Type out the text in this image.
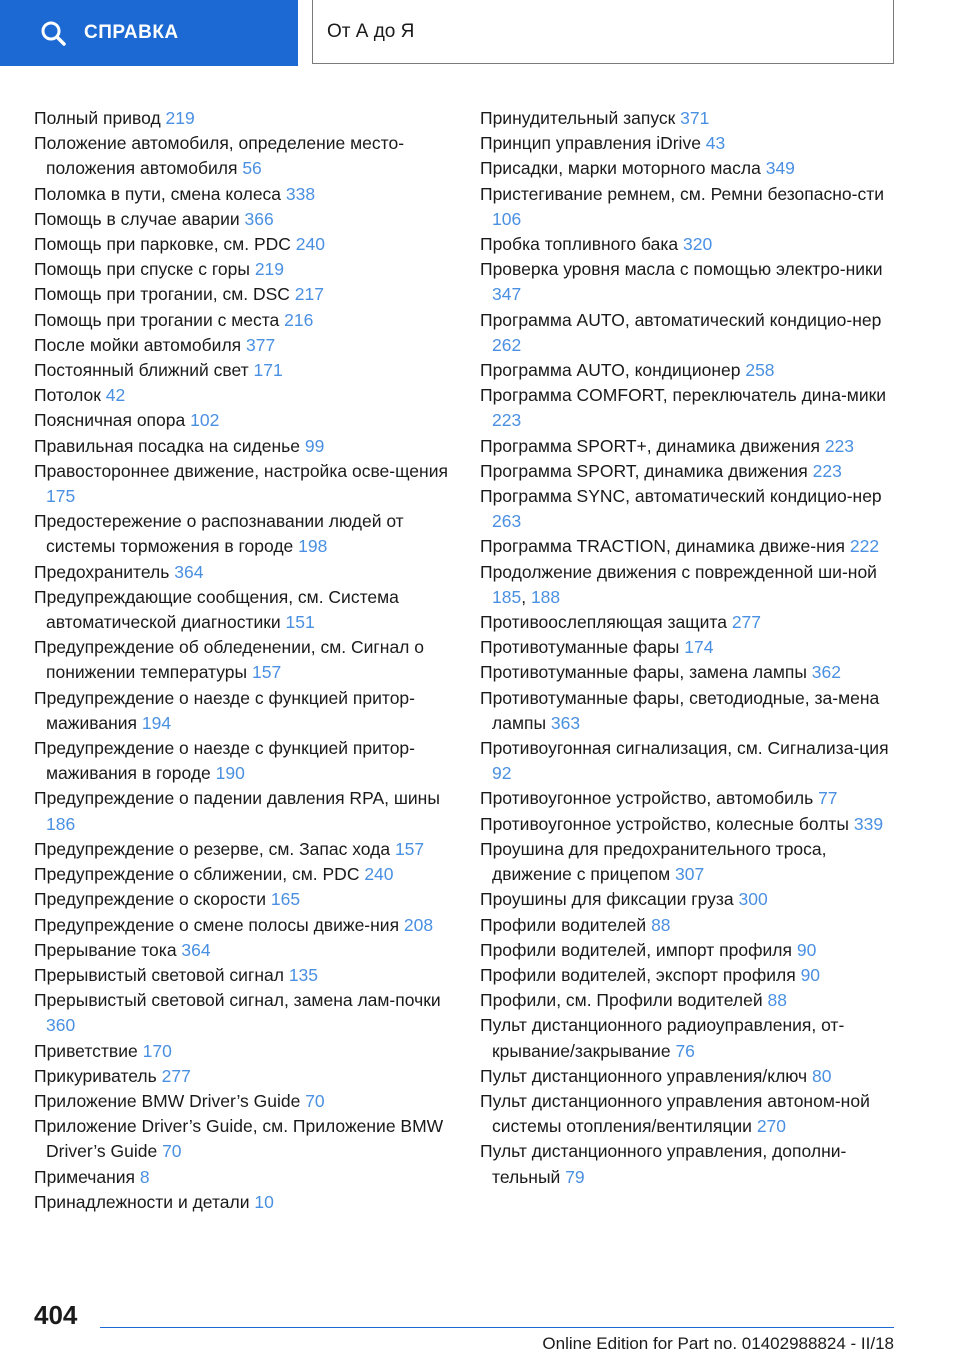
СПРАВКА	От А до Я
Полный привод 219
Положение автомобиля, определение место-положения автомобиля 56
Поломка в пути, смена колеса 338
Помощь в случае аварии 366
Помощь при парковке, см. PDC 240
Помощь при спуске с горы 219
Помощь при трогании, см. DSC 217
Помощь при трогании с места 216
После мойки автомобиля 377
Постоянный ближний свет 171
Потолок 42
Поясничная опора 102
Правильная посадка на сиденье 99
Правостороннее движение, настройка осве-щения 175
Предостережение о распознавании людей от системы торможения в городе 198
Предохранитель 364
Предупреждающие сообщения, см. Система автоматической диагностики 151
Предупреждение об обледенении, см. Сигнал о понижении температуры 157
Предупреждение о наезде с функцией притор-маживания 194
Предупреждение о наезде с функцией притор-маживания в городе 190
Предупреждение о падении давления RPA, шины 186
Предупреждение о резерве, см. Запас хода 157
Предупреждение о сближении, см. PDC 240
Предупреждение о скорости 165
Предупреждение о смене полосы движе-ния 208
Прерывание тока 364
Прерывистый световой сигнал 135
Прерывистый световой сигнал, замена лам-почки 360
Приветствие 170
Прикуриватель 277
Приложение BMW Driver’s Guide 70
Приложение Driver’s Guide, см. Приложение BMW Driver’s Guide 70
Примечания 8
Принадлежности и детали 10
Принудительный запуск 371
Принцип управления iDrive 43
Присадки, марки моторного масла 349
Пристегивание ремнем, см. Ремни безопасно-сти 106
Пробка топливного бака 320
Проверка уровня масла с помощью электро-ники 347
Программа AUTO, автоматический кондицио-нер 262
Программа AUTO, кондиционер 258
Программа COMFORT, переключатель дина-мики 223
Программа SPORT+, динамика движения 223
Программа SPORT, динамика движения 223
Программа SYNC, автоматический кондицио-нер 263
Программа TRACTION, динамика движе-ния 222
Продолжение движения с поврежденной ши-ной 185, 188
Противоослепляющая защита 277
Противотуманные фары 174
Противотуманные фары, замена лампы 362
Противотуманные фары, светодиодные, за-мена лампы 363
Противоугонная сигнализация, см. Сигнализа-ция 92
Противоугонное устройство, автомобиль 77
Противоугонное устройство, колесные болты 339
Проушина для предохранительного троса, движение с прицепом 307
Проушины для фиксации груза 300
Профили водителей 88
Профили водителей, импорт профиля 90
Профили водителей, экспорт профиля 90
Профили, см. Профили водителей 88
Пульт дистанционного радиоуправления, от-крывание/закрывание 76
Пульт дистанционного управления/ключ 80
Пульт дистанционного управления автоном-ной системы отопления/вентиляции 270
Пульт дистанционного управления, дополни-тельный 79
404
Online Edition for Part no. 01402988824 - II/18
